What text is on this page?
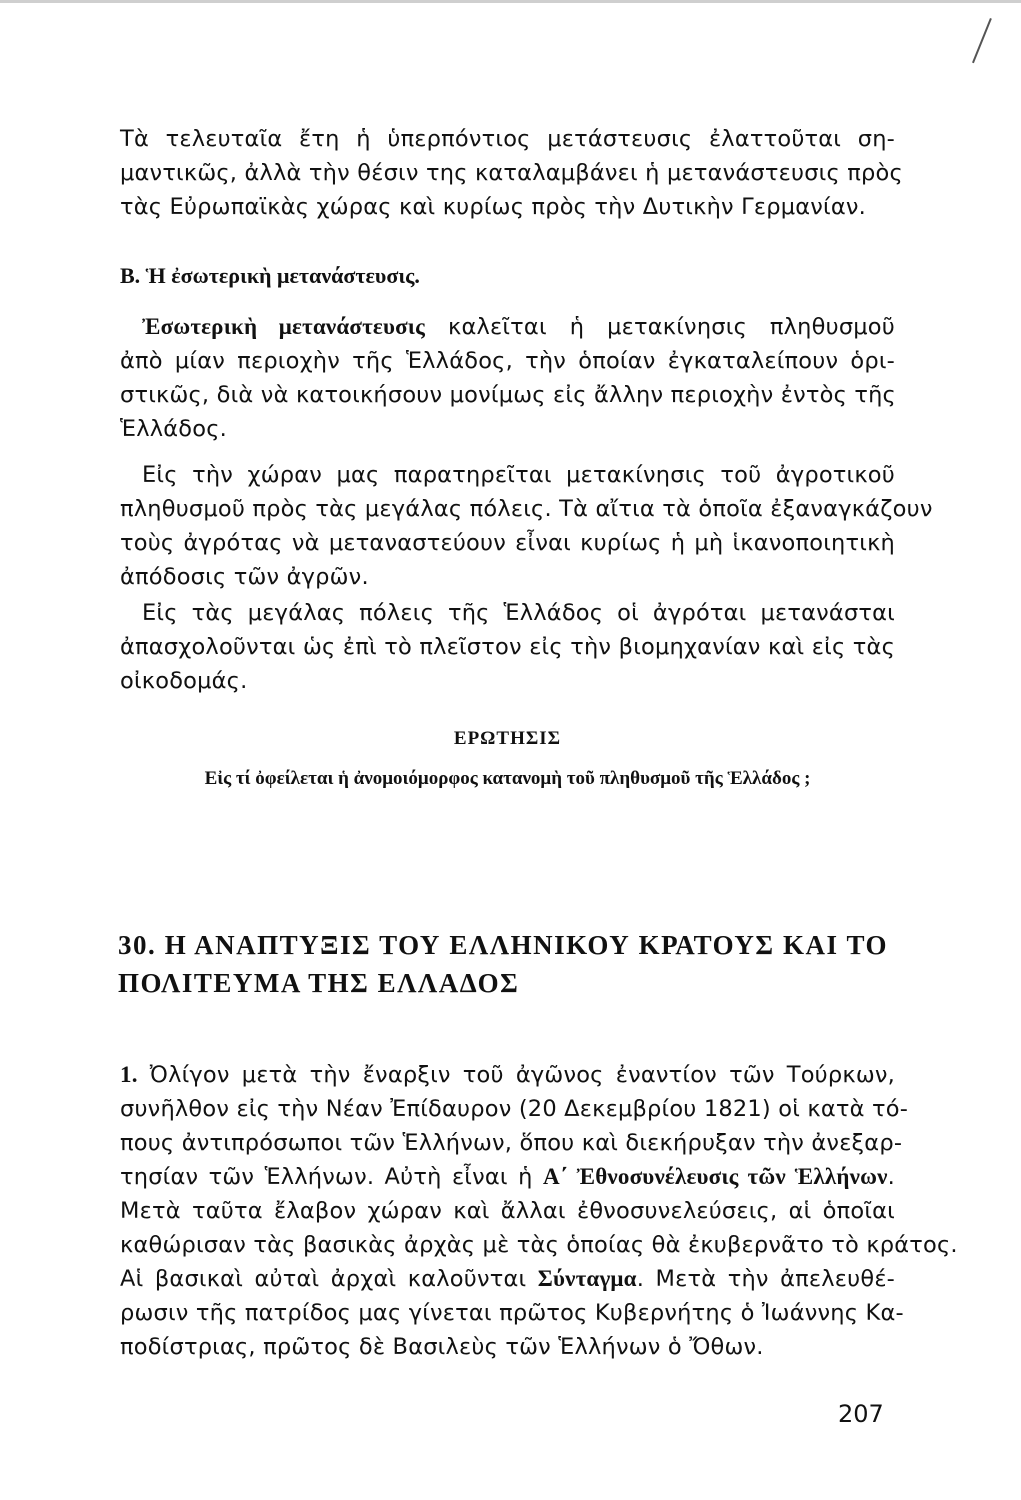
Τὰ τελευταῖα ἔτη ἡ ὑπερπόντιος μετάστευσις ἐλαττοῦται ση-
μαντικῶς, ἀλλὰ τὴν θέσιν της καταλαμβάνει ἡ μετανάστευσις πρὸς
τὰς Εὐρωπαϊκὰς χώρας καὶ κυρίως πρὸς τὴν Δυτικὴν Γερμανίαν.
Β. Ἡ ἐσωτερικὴ μετανάστευσις.
Ἐσωτερικὴ μετανάστευσις καλεῖται ἡ μετακίνησις πληθυσμοῦ
ἀπὸ μίαν περιοχὴν τῆς Ἑλλάδος, τὴν ὁποίαν ἐγκαταλείπουν ὁρι-
στικῶς, διὰ νὰ κατοικήσουν μονίμως εἰς ἄλλην περιοχὴν ἐντὸς τῆς
Ἑλλάδος.
Εἰς τὴν χώραν μας παρατηρεῖται μετακίνησις τοῦ ἀγροτικοῦ
πληθυσμοῦ πρὸς τὰς μεγάλας πόλεις. Τὰ αἴτια τὰ ὁποῖα ἐξαναγκάζουν
τοὺς ἀγρότας νὰ μεταναστεύουν εἶναι κυρίως ἡ μὴ ἱκανοποιητικὴ
ἀπόδοσις τῶν ἀγρῶν.
Εἰς τὰς μεγάλας πόλεις τῆς Ἑλλάδος οἱ ἀγρόται μετανάσται
ἀπασχολοῦνται ὡς ἐπὶ τὸ πλεῖστον εἰς τὴν βιομηχανίαν καὶ εἰς τὰς
οἰκοδομάς.
ΕΡΩΤΗΣΙΣ
Εἰς τί ὀφείλεται ἡ ἀνομοιόμορφος κατανομὴ τοῦ πληθυσμοῦ τῆς Ἑλλάδος ;
30. Η ΑΝΑΠΤΥΞΙΣ ΤΟΥ ΕΛΛΗΝΙΚΟΥ ΚΡΑΤΟΥΣ ΚΑΙ ΤΟ
ΠΟΛΙΤΕΥΜΑ ΤΗΣ ΕΛΛΑΔΟΣ
1. Ὀλίγον μετὰ τὴν ἔναρξιν τοῦ ἀγῶνος ἐναντίον τῶν Τούρκων,
συνῆλθον εἰς τὴν Νέαν Ἐπίδαυρον (20 Δεκεμβρίου 1821) οἱ κατὰ τό-
πους ἀντιπρόσωποι τῶν Ἑλλήνων, ὅπου καὶ διεκήρυξαν τὴν ἀνεξαρ-
τησίαν τῶν Ἑλλήνων. Αὐτὴ εἶναι ἡ Α΄ Ἐθνοσυνέλευσις τῶν Ἑλλήνων.
Μετὰ ταῦτα ἔλαβον χώραν καὶ ἄλλαι ἐθνοσυνελεύσεις, αἱ ὁποῖαι
καθώρισαν τὰς βασικὰς ἀρχὰς μὲ τὰς ὁποίας θὰ ἐκυβερνᾶτο τὸ κράτος.
Αἱ βασικαὶ αὐταὶ ἀρχαὶ καλοῦνται Σύνταγμα. Μετὰ τὴν ἀπελευθέ-
ρωσιν τῆς πατρίδος μας γίνεται πρῶτος Κυβερνήτης ὁ Ἰωάννης Κα-
ποδίστριας, πρῶτος δὲ Βασιλεὺς τῶν Ἑλλήνων ὁ Ὄθων.
207
